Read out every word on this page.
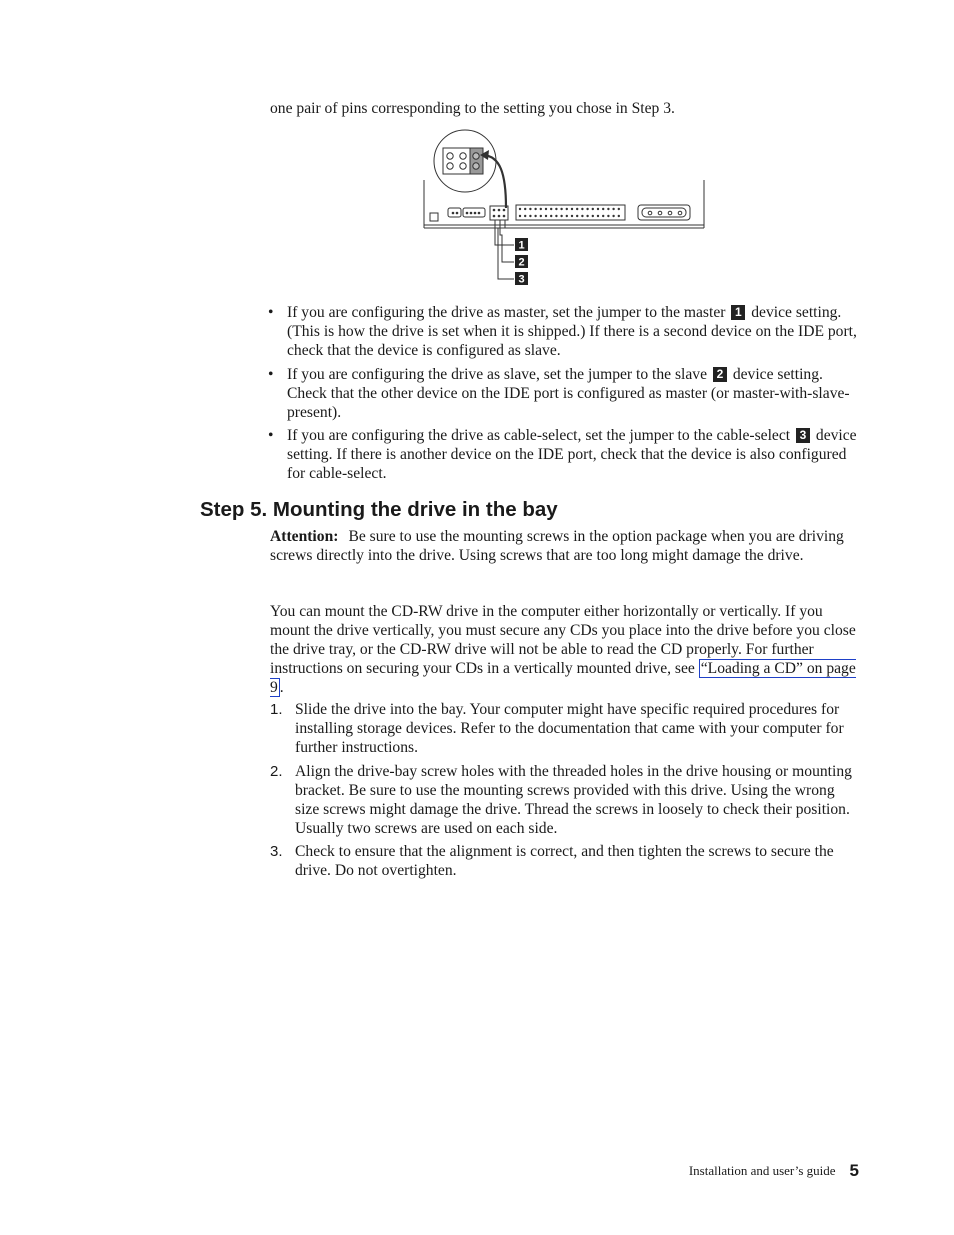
one pair of pins corresponding to the setting you chose in Step 3.

1
2
3
• If you are configuring the drive as master, set the jumper to the master 1 device setting. (This is how the drive is set when it is shipped.) If there is a second device on the IDE port, check that the device is configured as slave.
• If you are configuring the drive as slave, set the jumper to the slave 2 device setting. Check that the other device on the IDE port is configured as master (or master-with-slave-present).
• If you are configuring the drive as cable-select, set the jumper to the cable-select 3 device setting. If there is another device on the IDE port, check that the device is also configured for cable-select.
Step 5. Mounting the drive in the bay

Attention: Be sure to use the mounting screws in the option package when you are driving screws directly into the drive. Using screws that are too long might damage the drive.

You can mount the CD-RW drive in the computer either horizontally or vertically. If you mount the drive vertically, you must secure any CDs you place into the drive before you close the drive tray, or the CD-RW drive will not be able to read the CD properly. For further instructions on securing your CDs in a vertically mounted drive, see “Loading a CD” on page 9 .

1. Slide the drive into the bay. Your computer might have specific required procedures for installing storage devices. Refer to the documentation that came with your computer for further instructions.
2. Align the drive-bay screw holes with the threaded holes in the drive housing or mounting bracket. Be sure to use the mounting screws provided with this drive. Using the wrong size screws might damage the drive. Thread the screws in loosely to check their position. Usually two screws are used on each side.
3. Check to ensure that the alignment is correct, and then tighten the screws to secure the drive. Do not overtighten.
Installation and user’s guide 5
